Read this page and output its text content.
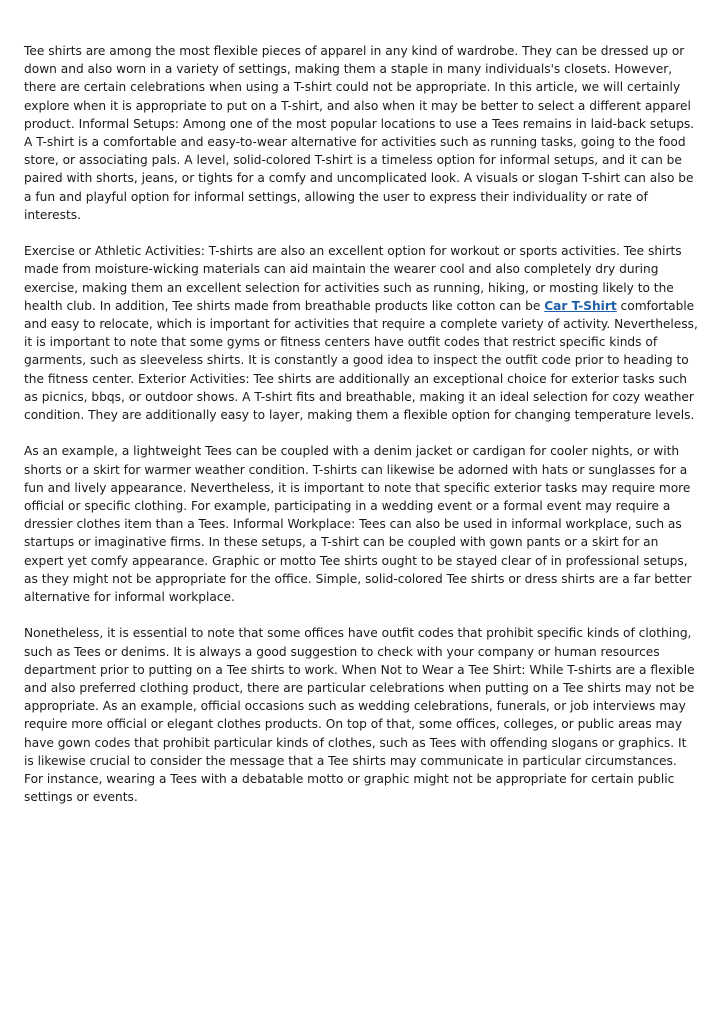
Tee shirts are among the most flexible pieces of apparel in any kind of wardrobe. They can be dressed up or down and also worn in a variety of settings, making them a staple in many individuals's closets. However, there are certain celebrations when using a T-shirt could not be appropriate. In this article, we will certainly explore when it is appropriate to put on a T-shirt, and also when it may be better to select a different apparel product. Informal Setups: Among one of the most popular locations to use a Tees remains in laid-back setups. A T-shirt is a comfortable and easy-to-wear alternative for activities such as running tasks, going to the food store, or associating pals. A level, solid-colored T-shirt is a timeless option for informal setups, and it can be paired with shorts, jeans, or tights for a comfy and uncomplicated look. A visuals or slogan T-shirt can also be a fun and playful option for informal settings, allowing the user to express their individuality or rate of interests.

Exercise or Athletic Activities: T-shirts are also an excellent option for workout or sports activities. Tee shirts made from moisture-wicking materials can aid maintain the wearer cool and also completely dry during exercise, making them an excellent selection for activities such as running, hiking, or mosting likely to the health club. In addition, Tee shirts made from breathable products like cotton can be Car T-Shirt comfortable and easy to relocate, which is important for activities that require a complete variety of activity. Nevertheless, it is important to note that some gyms or fitness centers have outfit codes that restrict specific kinds of garments, such as sleeveless shirts. It is constantly a good idea to inspect the outfit code prior to heading to the fitness center. Exterior Activities: Tee shirts are additionally an exceptional choice for exterior tasks such as picnics, bbqs, or outdoor shows. A T-shirt fits and breathable, making it an ideal selection for cozy weather condition. They are additionally easy to layer, making them a flexible option for changing temperature levels.

As an example, a lightweight Tees can be coupled with a denim jacket or cardigan for cooler nights, or with shorts or a skirt for warmer weather condition. T-shirts can likewise be adorned with hats or sunglasses for a fun and lively appearance. Nevertheless, it is important to note that specific exterior tasks may require more official or specific clothing. For example, participating in a wedding event or a formal event may require a dressier clothes item than a Tees. Informal Workplace: Tees can also be used in informal workplace, such as startups or imaginative firms. In these setups, a T-shirt can be coupled with gown pants or a skirt for an expert yet comfy appearance. Graphic or motto Tee shirts ought to be stayed clear of in professional setups, as they might not be appropriate for the office. Simple, solid-colored Tee shirts or dress shirts are a far better alternative for informal workplace.

Nonetheless, it is essential to note that some offices have outfit codes that prohibit specific kinds of clothing, such as Tees or denims. It is always a good suggestion to check with your company or human resources department prior to putting on a Tee shirts to work. When Not to Wear a Tee Shirt: While T-shirts are a flexible and also preferred clothing product, there are particular celebrations when putting on a Tee shirts may not be appropriate. As an example, official occasions such as wedding celebrations, funerals, or job interviews may require more official or elegant clothes products. On top of that, some offices, colleges, or public areas may have gown codes that prohibit particular kinds of clothes, such as Tees with offending slogans or graphics. It is likewise crucial to consider the message that a Tee shirts may communicate in particular circumstances. For instance, wearing a Tees with a debatable motto or graphic might not be appropriate for certain public settings or events.
